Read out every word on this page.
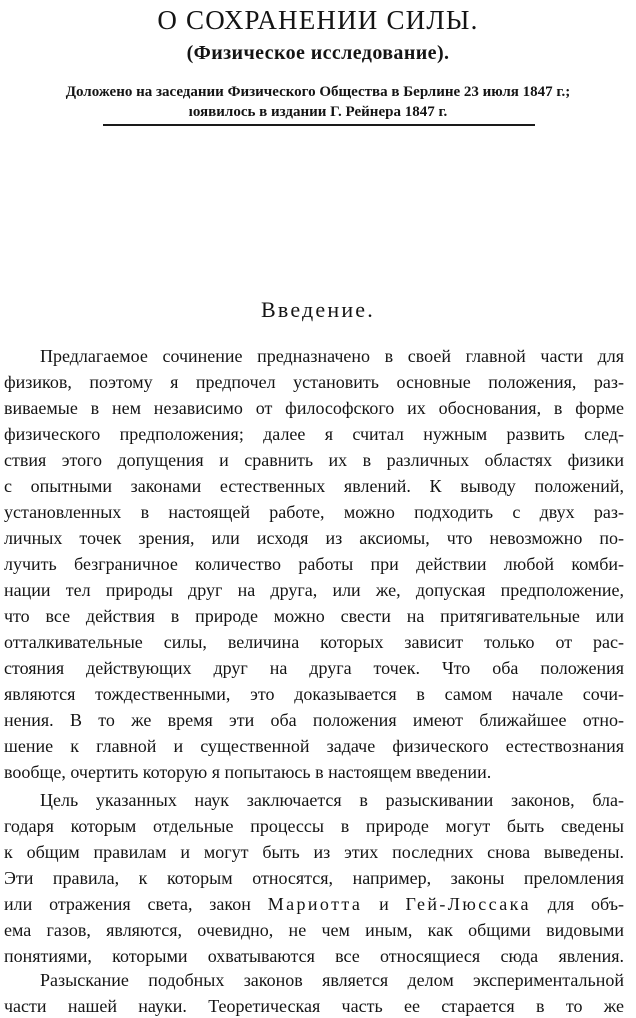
О СОХРАНЕНИИ СИЛЫ.
(Физическое исследование).
Доложено на заседании Физического Общества в Берлине 23 июля 1847 г.;
ıоявилось в издании Г. Рейнера 1847 г.
Введение.
Предлагаемое сочинение предназначено в своей главной части для
физиков, поэтому я предпочел установить основные положения, раз-
виваемые в нем независимо от философского их обоснования, в форме
физического предположения; далее я считал нужным развить след-
ствия этого допущения и сравнить их в различных областях физики
с опытными законами естественных явлений. К выводу положений,
установленных в настоящей работе, можно подходить с двух раз-
личных точек зрения, или исходя из аксиомы, что невозможно по-
лучить безграничное количество работы при действии любой комби-
нации тел природы друг на друга, или же, допуская предположение,
что все действия в природе можно свести на притягивательные или
отталкивательные силы, величина которых зависит только от рас-
стояния действующих друг на друга точек. Что оба положения
являются тождественными, это доказывается в самом начале сочи-
нения. В то же время эти оба положения имеют ближайшее отно-
шение к главной и существенной задаче физического естествознания
вообще, очертить которую я попытаюсь в настоящем введении.
Цель указанных наук заключается в разыскивании законов, бла-
годаря которым отдельные процессы в природе могут быть сведены
к общим правилам и могут быть из этих последних снова выведены.
Эти правила, к которым относятся, например, законы преломления
или отражения света, закон Мариотта и Гей-Люссака для объ-
ема газов, являются, очевидно, не чем иным, как общими видовыми
понятиями, которыми охватываются все относящиеся сюда явления.
Разыскание подобных законов является делом экспериментальной
части нашей науки. Теоретическая часть ее старается в то же
